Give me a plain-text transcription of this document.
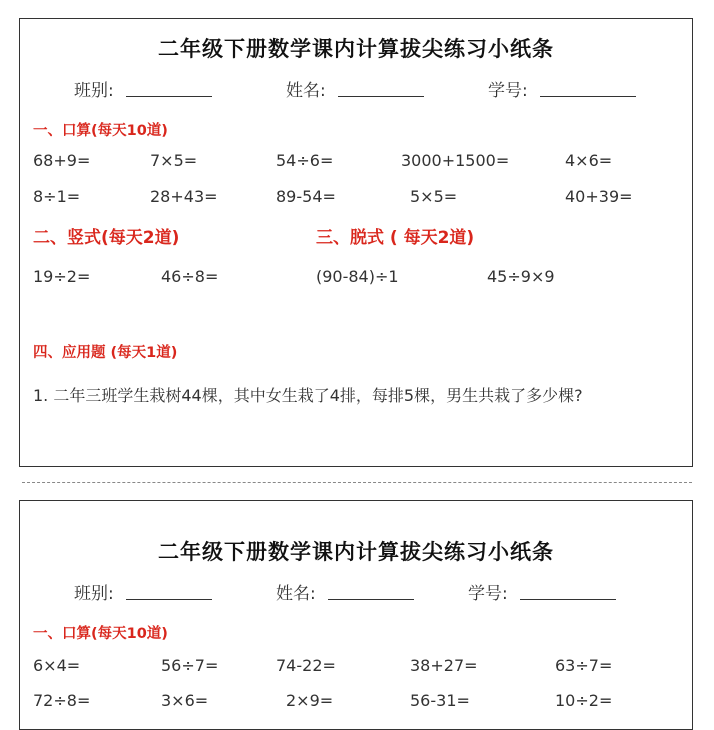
二年级下册数学课内计算拔尖练习小纸条
班别:	姓名:	学号:
一、口算(每天10道)
68+9=	7×5=	54÷6=	3000+1500=	4×6=
8÷1=	28+43=	89-54=	5×5=	40+39=
二、竖式(每天2道)	三、脱式 ( 每天2道)
19÷2=	46÷8=	(90-84)÷1	45÷9×9
四、应用题 (每天1道)
1. 二年三班学生栽树44棵，其中女生栽了4排，每排5棵，男生共栽了多少棵?
二年级下册数学课内计算拔尖练习小纸条
班别:	姓名:	学号:
一、口算(每天10道)
6×4=	56÷7=	74-22=	38+27=	63÷7=
72÷8=	3×6=	2×9=	56-31=	10÷2=
